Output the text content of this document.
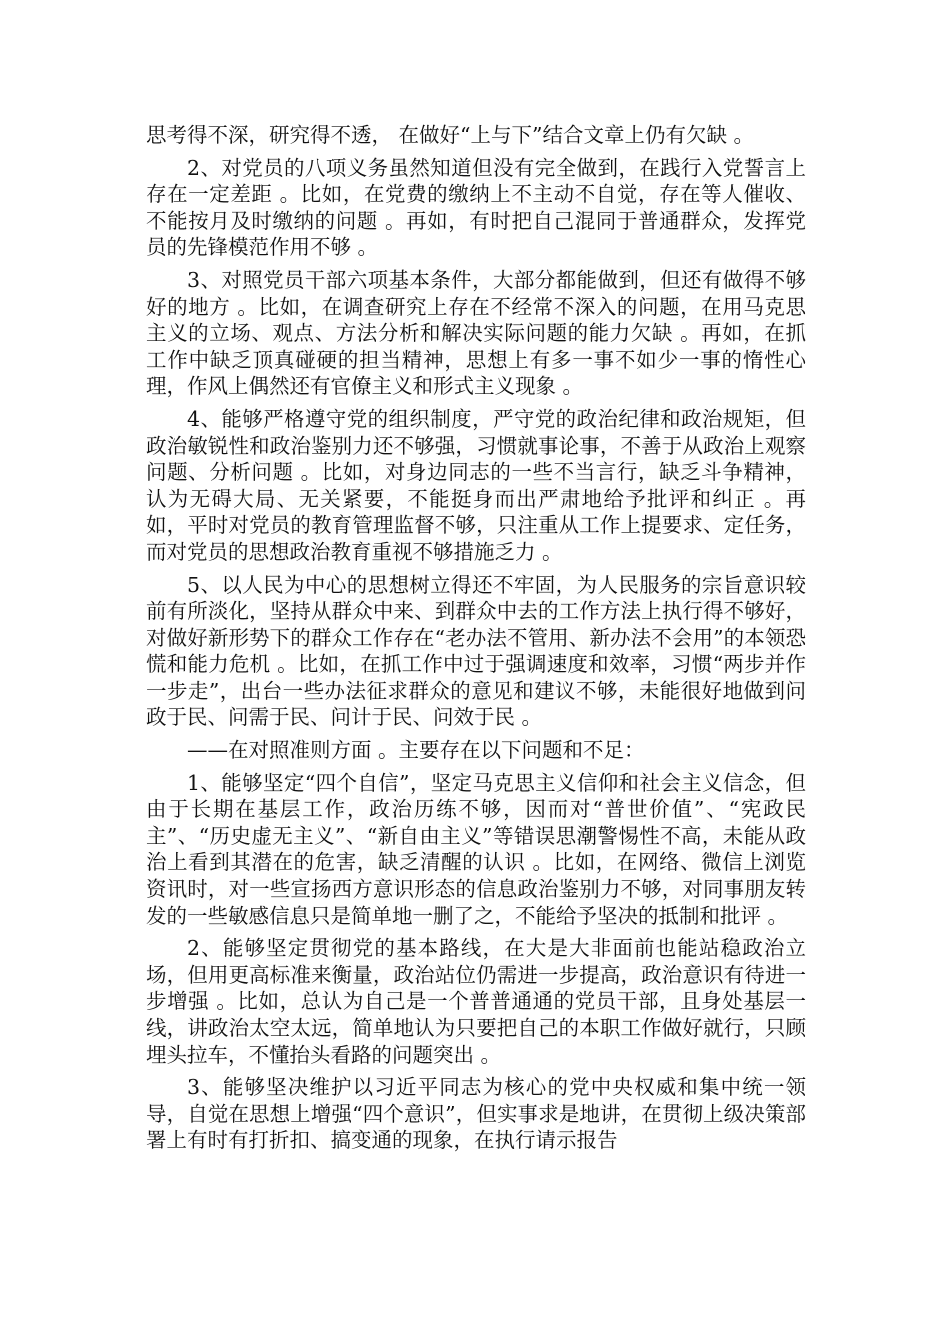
思考得不深，研究得不透， 在做好“上与下”结合文章上仍有欠缺 。

2、对党员的八项义务虽然知道但没有完全做到，在践行入党誓言上存在一定差距 。比如，在党费的缴纳上不主动不自觉，存在等人催收、不能按月及时缴纳的问题 。再如，有时把自己混同于普通群众，发挥党员的先锋模范作用不够 。

3、对照党员干部六项基本条件，大部分都能做到，但还有做得不够好的地方 。比如，在调查研究上存在不经常不深入的问题，在用马克思主义的立场、观点、方法分析和解决实际问题的能力欠缺 。再如，在抓工作中缺乏顶真碰硬的担当精神，思想上有多一事不如少一事的惰性心理，作风上偶然还有官僚主义和形式主义现象 。

4、能够严格遵守党的组织制度，严守党的政治纪律和政治规矩，但政治敏锐性和政治鉴别力还不够强，习惯就事论事，不善于从政治上观察问题、分析问题 。比如，对身边同志的一些不当言行，缺乏斗争精神，认为无碍大局、无关紧要，不能挺身而出严肃地给予批评和纠正 。再如，平时对党员的教育管理监督不够，只注重从工作上提要求、定任务，而对党员的思想政治教育重视不够措施乏力 。

5、以人民为中心的思想树立得还不牢固，为人民服务的宗旨意识较前有所淡化，坚持从群众中来、到群众中去的工作方法上执行得不够好，对做好新形势下的群众工作存在“老办法不管用、新办法不会用”的本领恐慌和能力危机 。比如，在抓工作中过于强调速度和效率，习惯“两步并作一步走”，出台一些办法征求群众的意见和建议不够，未能很好地做到问政于民、问需于民、问计于民、问效于民 。

——在对照准则方面 。主要存在以下问题和不足：

1、能够坚定“四个自信”，坚定马克思主义信仰和社会主义信念，但由于长期在基层工作，政治历练不够，因而对“普世价值”、“宪政民主”、“历史虚无主义”、“新自由主义”等错误思潮警惕性不高，未能从政治上看到其潜在的危害，缺乏清醒的认识 。比如，在网络、微信上浏览资讯时，对一些宣扬西方意识形态的信息政治鉴别力不够，对同事朋友转发的一些敏感信息只是简单地一删了之，不能给予坚决的抵制和批评 。

2、能够坚定贯彻党的基本路线，在大是大非面前也能站稳政治立场，但用更高标准来衡量，政治站位仍需进一步提高，政治意识有待进一步增强 。比如，总认为自己是一个普普通通的党员干部，且身处基层一线，讲政治太空太远，简单地认为只要把自己的本职工作做好就行，只顾埋头拉车，不懂抬头看路的问题突出 。

3、能够坚决维护以习近平同志为核心的党中央权威和集中统一领导，自觉在思想上增强“四个意识”，但实事求是地讲，在贯彻上级决策部署上有时有打折扣、搞变通的现象，在执行请示报告
